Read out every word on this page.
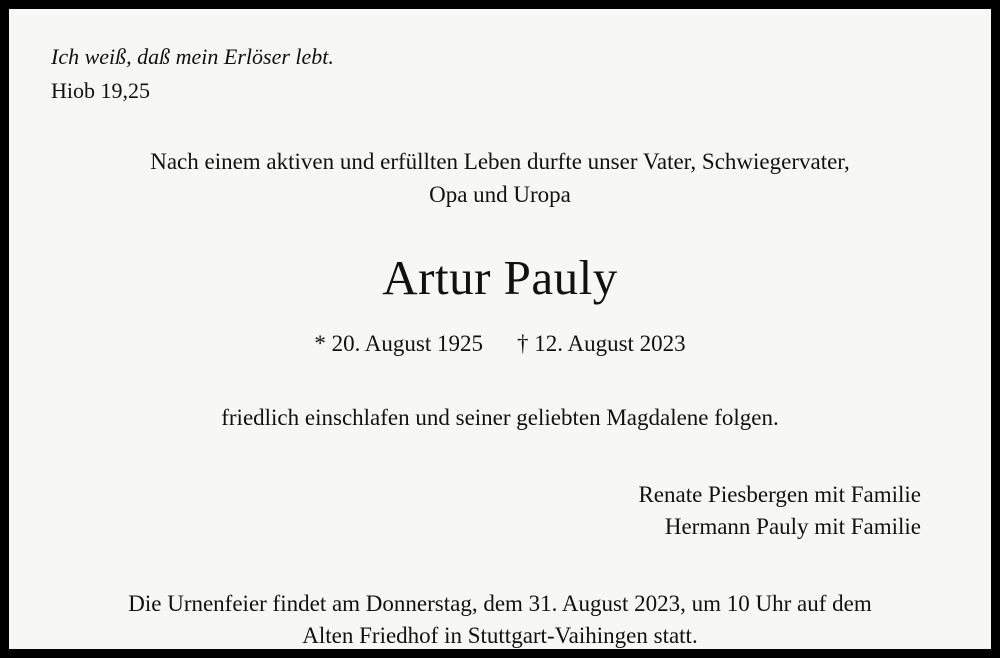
Ich weiß, daß mein Erlöser lebt.
Hiob 19,25
Nach einem aktiven und erfüllten Leben durfte unser Vater, Schwiegervater,
Opa und Uropa
Artur Pauly
* 20. August 1925 † 12. August 2023
friedlich einschlafen und seiner geliebten Magdalene folgen.
Renate Piesbergen mit Familie
Hermann Pauly mit Familie
Die Urnenfeier findet am Donnerstag, dem 31. August 2023, um 10 Uhr auf dem
Alten Friedhof in Stuttgart-Vaihingen statt.
